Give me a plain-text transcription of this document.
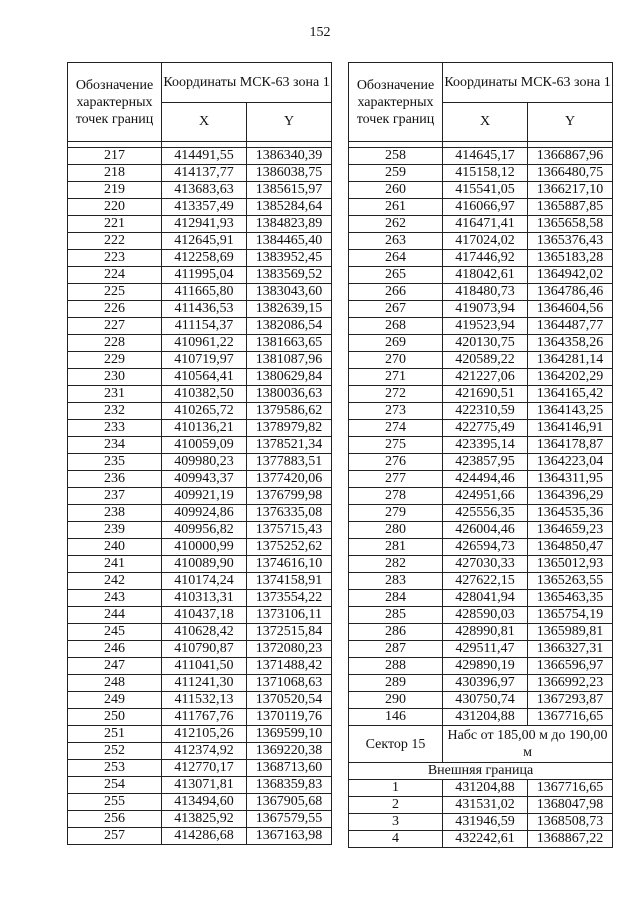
152
Обозначение характерных точек границ	Координаты МСК-63 зона 1	
	X	Y

217	414491,55	1386340,39
218	414137,77	1386038,75
219	413683,63	1385615,97
220	413357,49	1385284,64
221	412941,93	1384823,89
222	412645,91	1384465,40
223	412258,69	1383952,45
224	411995,04	1383569,52
225	411665,80	1383043,60
226	411436,53	1382639,15
227	411154,37	1382086,54
228	410961,22	1381663,65
229	410719,97	1381087,96
230	410564,41	1380629,84
231	410382,50	1380036,63
232	410265,72	1379586,62
233	410136,21	1378979,82
234	410059,09	1378521,34
235	409980,23	1377883,51
236	409943,37	1377420,06
237	409921,19	1376799,98
238	409924,86	1376335,08
239	409956,82	1375715,43
240	410000,99	1375252,62
241	410089,90	1374616,10
242	410174,24	1374158,91
243	410313,31	1373554,22
244	410437,18	1373106,11
245	410628,42	1372515,84
246	410790,87	1372080,23
247	411041,50	1371488,42
248	411241,30	1371068,63
249	411532,13	1370520,54
250	411767,76	1370119,76
251	412105,26	1369599,10
252	412374,92	1369220,38
253	412770,17	1368713,60
254	413071,81	1368359,83
255	413494,60	1367905,68
256	413825,92	1367579,55
257	414286,68	1367163,98
Обозначение характерных точек границ	Координаты МСК-63 зона 1	
	X	Y

258	414645,17	1366867,96
259	415158,12	1366480,75
260	415541,05	1366217,10
261	416066,97	1365887,85
262	416471,41	1365658,58
263	417024,02	1365376,43
264	417446,92	1365183,28
265	418042,61	1364942,02
266	418480,73	1364786,46
267	419073,94	1364604,56
268	419523,94	1364487,77
269	420130,75	1364358,26
270	420589,22	1364281,14
271	421227,06	1364202,29
272	421690,51	1364165,42
273	422310,59	1364143,25
274	422775,49	1364146,91
275	423395,14	1364178,87
276	423857,95	1364223,04
277	424494,46	1364311,95
278	424951,66	1364396,29
279	425556,35	1364535,36
280	426004,46	1364659,23
281	426594,73	1364850,47
282	427030,33	1365012,93
283	427622,15	1365263,55
284	428041,94	1365463,35
285	428590,03	1365754,19
286	428990,81	1365989,81
287	429511,47	1366327,31
288	429890,19	1366596,97
289	430396,97	1366992,23
290	430750,74	1367293,87
146	431204,88	1367716,65
Сектор 15	Набс от 185,00 м до 190,00 м	
Внешняя граница		
1	431204,88	1367716,65
2	431531,02	1368047,98
3	431946,59	1368508,73
4	432242,61	1368867,22
